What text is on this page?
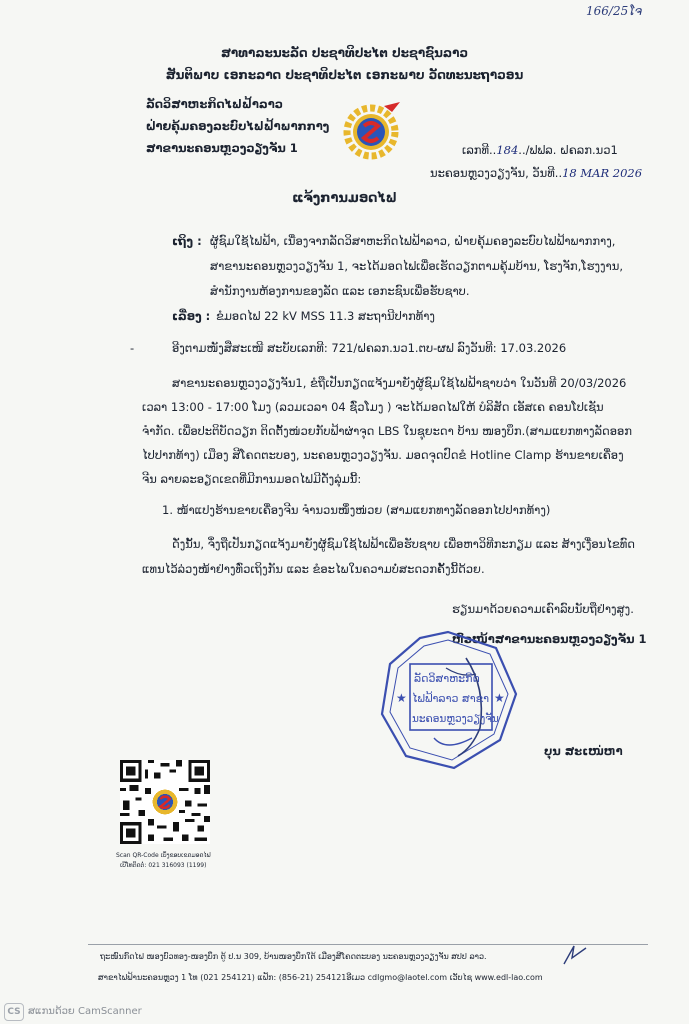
166/25ໂຈ
ສາທາລະນະລັດ ປະຊາທິປະໄຕ ປະຊາຊົນລາວ
ສັນຕິພາບ ເອກະລາດ ປະຊາທິປະໄຕ ເອກະພາບ ວັດທະນະຖາວອນ
ລັດວິສາຫະກິດໄຟຟ້າລາວ
ຝ່າຍຄຸ້ມຄອງລະບົບໄຟຟ້າພາກກາງ
ສາຂານະຄອນຫຼວງວຽງຈັນ 1	ເລກທີ..184../ຟຟລ. ຝຄລກ.ນວ1
ນະຄອນຫຼວງວຽງຈັນ, ວັນທີ..18 MAR 2026
ແຈ້ງການມອດໄຟ
ເຖິງ : ຜູ້ຊົມໃຊ້ໄຟຟ້າ, ເນື່ອງຈາກລັດວິສາຫະກິດໄຟຟ້າລາວ, ຝ່າຍຄຸ້ມຄອງລະບົບໄຟຟ້າພາກກາງ,
ສາຂານະຄອນຫຼວງວຽງຈັນ 1, ຈະໄດ້ມອດໄຟເພື່ອເຮັດວຽກຕາມຄຸ້ມບ້ານ, ໂຮງຈັກ,ໂຮງງານ,
ສຳນັກງານຫ້ອງການຂອງລັດ ແລະ ເອກະຊົນເພື່ອຮັບຊາບ.
ເລື່ອງ : ຂໍມອດໄຟ 22 kV MSS 11.3 ສະຖານີປາກທ້າງ
-	ອີງຕາມໜັງສືສະເໜີ ສະບັບເລກທີ: 721/ຝຄລກ.ນວ1.ຕບ-ຜຟ ລົງວັນທີ: 17.03.2026
ສາຂານະຄອນຫຼວງວຽງຈັນ1, ຂໍຖືເປັນກຽດແຈ້ງມາຍັງຜູ້ຊົມໃຊ້ໄຟຟ້າຊາບວ່າ ໃນວັນທີ 20/03/2026
ເວລາ 13:00 - 17:00 ໂມງ (ລວມເວລາ 04 ຊົ່ວໂມງ ) ຈະໄດ້ມອດໄຟໃຫ້ ບໍລິສັດ ເອັສເຄ ຄອນໂປເຊັນ
ຈຳກັດ. ເພື່ອປະຕິບັດວຽກ ຕິດຕັ້ງໜ່ວຍກັບຟ້າຜ່າຈຸດ LBS ໃນຊຸຍະດາ ບ້ານ ໜອງບຶກ.(ສາມແຍກທາງລັດອອກ
ໄປປາກທ້າງ) ເມືອງ ສີໂຄດຕະບອງ, ນະຄອນຫຼວງວຽງຈັນ. ມອດຈຸດປົດຂໍ Hotline Clamp ຮ້ານຂາຍເຄື່ອງ
ຈີນ ລາຍລະອຽດເຂດທີ່ມີການມອດໄຟມີດັ່ງລຸ່ມນີ້:
1. ໜ້າແປງຮ້ານຂາຍເຄື່ອງຈີນ ຈຳນວນໜຶ່ງໜ່ວຍ (ສາມແຍກທາງລັດອອກໄປປາກທ້າງ)
ດັ່ງນັ້ນ, ຈຶ່ງຖືເປັນກຽດແຈ້ງມາຍັງຜູ້ຊົມໃຊ້ໄຟຟ້າເພື່ອຮັບຊາບ ເພື່ອຫາວິທີກະກຽມ ແລະ ສ້າງເງື່ອນໄຂທົດ
ແທນໄວ້ລ່ວງໜ້າຢ່າງທົ່ວເຖິງກັນ ແລະ ຂໍອະໄພໃນຄວາມບໍ່ສະດວກຄັ້ງນີ້ດ້ວຍ.
ຮຽນມາດ້ວຍຄວາມເຄົາລົບນັບຖືຢ່າງສູງ.
ຫົວໜ້າສາຂານະຄອນຫຼວງວຽງຈັນ 1
★	★
ລັດວິສາຫະກິດ
ໄຟຟ້າລາວ ສາຂາ
ນະຄອນຫຼວງວຽງຈັນ
ບຸນ ສະເໜ່ຫາ
Scan QR-Code ເບິ່ງຂອບເຂດມອດໄຟ
ເບີໂທຕິດຕໍ່: 021 316093 (1199)
ຖະໜົນກົດໄຟ ໜອງບົວທອງ-ໜອງບຶກ ຕູ້ ປ.ນ 309, ບ້ານໜອງບຶກໃຕ້ ເມືອງສີໂຄດຕະບອງ ນະຄອນຫຼວງວຽງຈັນ ສປປ ລາວ.
ສາຂາໄຟຟ້ານະຄອນຫຼວງ 1 ໂທ (021 254121) ແຟັກ: (856-21) 254121ອີເມວ cdlgmo@laotel.com ເວັບໄຊ www.edl-lao.com
CS ສແກນດ້ວຍ CamScanner
